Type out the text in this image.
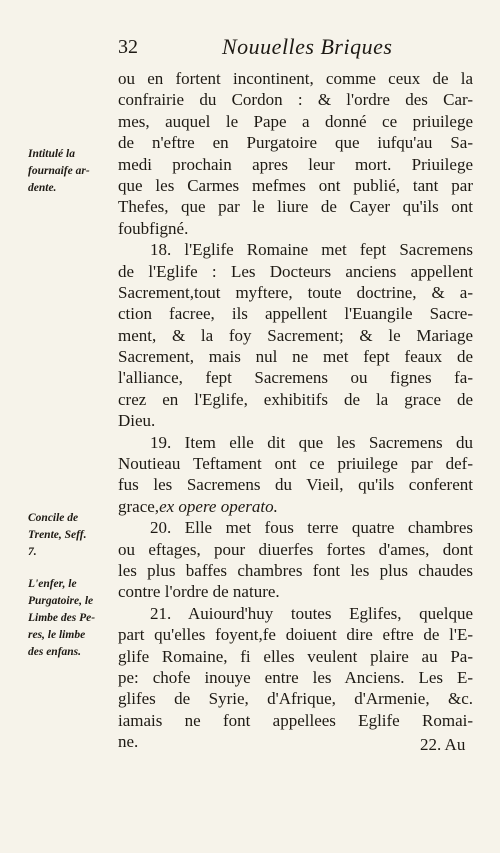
32	Nouuelles Briques
ou en fortent incontinent, comme ceux de la
confrairie du Cordon : & l'ordre des Car-
mes, auquel le Pape a donné ce priuilege
de n'eftre en Purgatoire que iufqu'au Sa-
medi prochain apres leur mort. Priuilege
que les Carmes mefmes ont publié, tant par
Thefes, que par le liure de Cayer qu'ils ont
foubfigné.
18. l'Eglife Romaine met fept Sacremens
de l'Eglife : Les Docteurs anciens appellent
Sacrement,tout myftere, toute doctrine, & a-
ction facree, ils appellent l'Euangile Sacre-
ment, & la foy Sacrement; & le Mariage
Sacrement, mais nul ne met fept feaux de
l'alliance, fept Sacremens ou fignes fa-
crez en l'Eglife, exhibitifs de la grace de
Dieu.
19. Item elle dit que les Sacremens du
Noutieau Teftament ont ce priuilege par def-
fus les Sacremens du Vieil, qu'ils conferent
grace,ex opere operato.
20. Elle met fous terre quatre chambres
ou eftages, pour diuerfes fortes d'ames, dont
les plus baffes chambres font les plus chaudes
contre l'ordre de nature.
21. Auiourd'huy toutes Eglifes, quelque
part qu'elles foyent,fe doiuent dire eftre de l'E-
glife Romaine, fi elles veulent plaire au Pa-
pe: chofe inouye entre les Anciens. Les E-
glifes de Syrie, d'Afrique, d'Armenie, &c.
iamais ne font appellees Eglife Romai-
ne.
Intitulé la
fournaife ar-
dente.
Concile de
Trente, Seff.
7.
L'enfer, le
Purgatoire, le
Limbe des Pe-
res, le limbe
des enfans.
22. Au
